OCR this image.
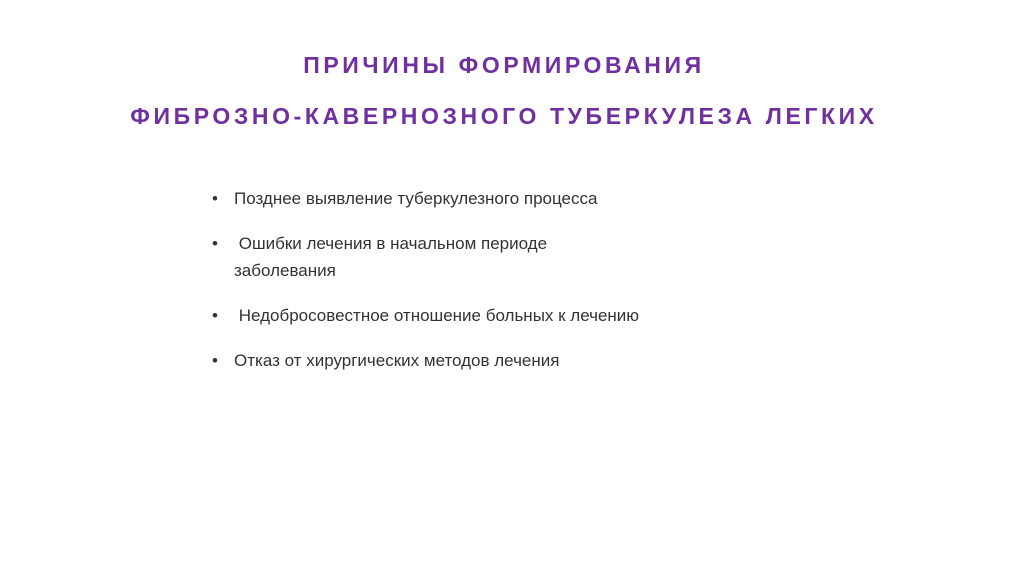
ПРИЧИНЫ ФОРМИРОВАНИЯ
ФИБРОЗНО-КАВЕРНОЗНОГО ТУБЕРКУЛЕЗА ЛЕГКИХ
• Позднее выявление туберкулезного процесса
• Ошибки лечения в начальном периоде заболевания
• Недобросовестное отношение больных к лечению
• Отказ от хирургических методов лечения
